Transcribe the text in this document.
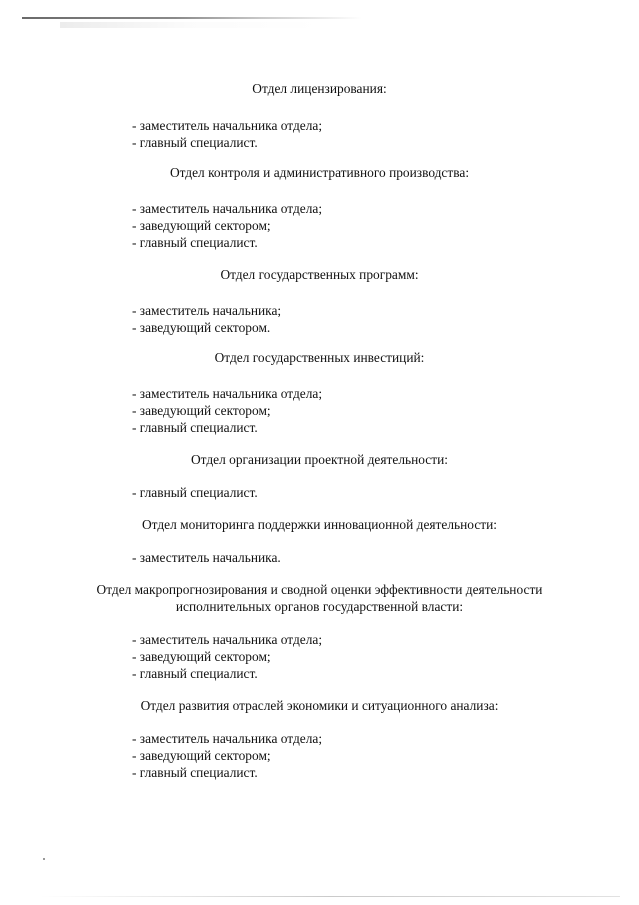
Отдел лицензирования:
- заместитель начальника отдела;
- главный специалист.
Отдел контроля и административного производства:
- заместитель начальника отдела;
- заведующий сектором;
- главный специалист.
Отдел государственных программ:
- заместитель начальника;
- заведующий сектором.
Отдел государственных инвестиций:
- заместитель начальника отдела;
- заведующий сектором;
- главный специалист.
Отдел организации проектной деятельности:
- главный специалист.
Отдел мониторинга поддержки инновационной деятельности:
- заместитель начальника.
Отдел макропрогнозирования и сводной оценки эффективности деятельности
исполнительных органов государственной власти:
- заместитель начальника отдела;
- заведующий сектором;
- главный специалист.
Отдел развития отраслей экономики и ситуационного анализа:
- заместитель начальника отдела;
- заведующий сектором;
- главный специалист.
